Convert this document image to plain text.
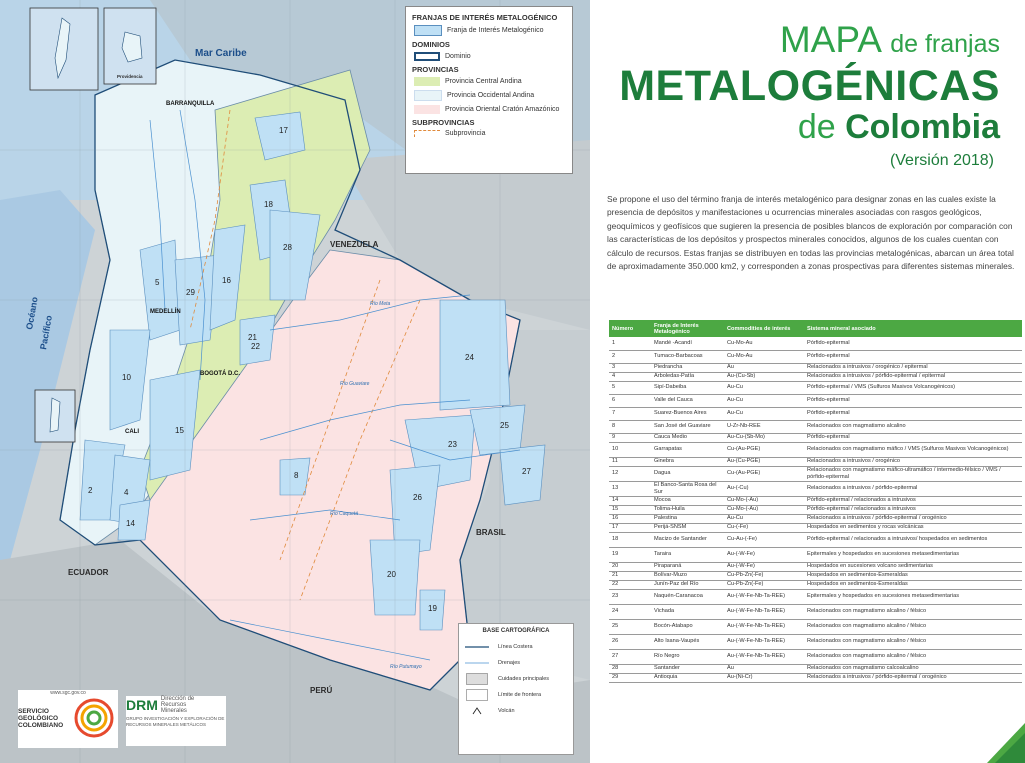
Mar Caribe
Océano
Pacífico
VENEZUELA
BRASIL
ECUADOR
PERÚ
BARRANQUILLA
MEDELLÍN
BOGOTÁ D.C.
CALI
Providencia
Río Meta
Río Guaviare
Río Caquetá
Río Putumayo
17
18
28
5
29
16
21
22
10
15
2	4
24
23
25
27
26
20
19
8
14
FRANJAS DE INTERÉS METALOGÉNICO
Franja de Interés Metalogénico
DOMINIOS
Dominio
PROVINCIAS
Provincia Central Andina
Provincia Occidental Andina
Provincia Oriental Cratón Amazónico
SUBPROVINCIAS
Subprovincia
BASE CARTOGRÁFICA
Línea Costera
Drenajes
Cuidades principales
Límite de frontera
Volcán
www.sgc.gov.co
SERVICIO GEOLÓGICO COLOMBIANO
DRM Dirección de Recursos Minerales
GRUPO INVESTIGACIÓN Y EXPLORACIÓN DE RECURSOS MINERALES METÁLICOS
MAPA de franjas
METALOGÉNICAS
de Colombia
(Versión 2018)
Se propone el uso del término franja de interés metalogénico para designar zonas en las cuales existe la presencia de depósitos y manifestaciones u ocurrencias minerales asociadas con rasgos geológicos, geoquímicos y geofísicos que sugieren la presencia de posibles blancos de exploración por comparación con las características de los depósitos y prospectos minerales conocidos, algunos de los cuales cuentan con cálculo de recursos. Estas franjas se distribuyen en todas las provincias metalogénicas, abarcan un área total de aproximadamente 350.000 km2, y corresponden a zonas prospectivas para diferentes sistemas minerales.
Número	Franja de Interés Metalogénico	Commodities de interés	Sistema mineral asociado
1	Mandé -Acandí	Cu-Mo-Au	Pórfido-epitermal
2	Tumaco-Barbacoas	Cu-Mo-Au	Pórfido-epitermal
3	Piedrancha	Au	Relacionados a intrusivos / orogénico / epitermal
4	Arboledas-Patía	Au-(Cu-Sb)	Relacionados a intrusivos / pórfido-epitermal / epitermal
5	Sipí-Dabeiba	Au-Cu	Pórfido-epitermal / VMS (Sulfuros Masivos Volcanogénicos)
6	Valle del Cauca	Au-Cu	Pórfido-epitermal
7	Suarez-Buenos Aires	Au-Cu	Pórfido-epitermal
8	San José del Guaviare	U-Zr-Nb-REE	Relacionados con magmatismo alcalino
9	Cauca Medio	Au-Cu-(Sb-Mo)	Pórfido-epitermal
10	Garrapatas	Cu-(Au-PGE)	Relacionados con magmatismo máfico / VMS (Sulfuros Masivos Volcanogénicos)
11	Ginebra	Au-(Cu-PGE)	Relacionados a intrusivos / orogénico
12	Dagua	Cu-(Au-PGE)	Relacionados con magmatismo máfico-ultramáfico / intermedio-félsico / VMS / pórfido-epitermal
13	El Banco-Santa Rosa del Sur	Au-(-Cu)	Relacionados a intrusivos / pórfido-epitermal
14	Mocoa	Cu-Mo-(-Au)	Pórfido-epitermal / relacionados a intrusivos
15	Tolima-Huila	Cu-Mo-(-Au)	Pórfido-epitermal / relacionados a intrusivos
16	Palestina	Au-Cu	Relacionados a intrusivos / pórfido-epitermal / orogénico
17	Perijá-SNSM	Cu-(-Fe)	Hospedados en sedimentos y rocas volcánicas
18	Macizo de Santander	Cu-Au-(-Fe)	Pórfido-epitermal / relacionados a intrusivos/ hospedados en sedimentos
19	Taraira	Au-(-W-Fe)	Epitermales y hospedados en sucesiones metasedimentarias
20	Piraparaná	Au-(-W-Fe)	Hospedados en sucesiones volcano sedimentarias
21	Bolívar-Muzo	Cu-Pb-Zn(-Fe)	Hospedados en sedimentos-Esmeraldas
22	Junín-Paz del Río	Cu-Pb-Zn(-Fe)	Hospedados en sedimentos-Esmeraldas
23	Naquén-Caranacoa	Au-(-W-Fe-Nb-Ta-REE)	Epitermales y hospedados en sucesiones metasedimentarias
24	Vichada	Au-(-W-Fe-Nb-Ta-REE)	Relacionados con magmatismo alcalino / félsico
25	Bocón-Atabapo	Au-(-W-Fe-Nb-Ta-REE)	Relacionados con magmatismo alcalino / félsico
26	Alto Isana-Vaupés	Au-(-W-Fe-Nb-Ta-REE)	Relacionados con magmatismo alcalino / félsico
27	Río Negro	Au-(-W-Fe-Nb-Ta-REE)	Relacionados con magmatismo alcalino / félsico
28	Santander	Au	Relacionados con magmatismo calcoalcalino
29	Antioquia	Au-(Ni-Cr)	Relacionados a intrusivos / pórfido-epitermal / orogénico
